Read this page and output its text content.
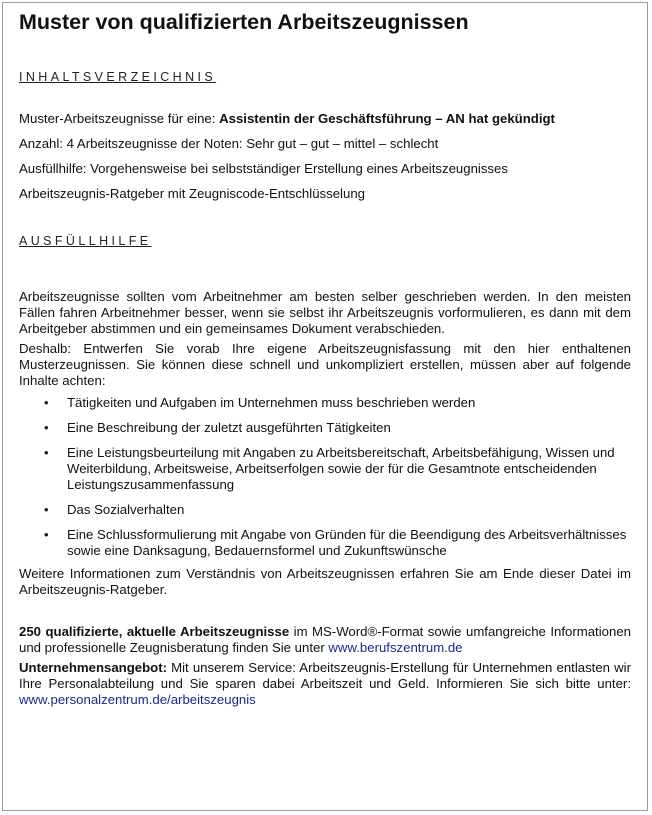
Muster von qualifizierten Arbeitszeugnissen

INHALTSVERZEICHNIS

Muster-Arbeitszeugnisse für eine: Assistentin der Geschäftsführung – AN hat gekündigt

Anzahl: 4 Arbeitszeugnisse der Noten: Sehr gut – gut – mittel – schlecht

Ausfüllhilfe: Vorgehensweise bei selbstständiger Erstellung eines Arbeitszeugnisses

Arbeitszeugnis-Ratgeber mit Zeugniscode-Entschlüsselung

AUSFÜLLHILFE

Arbeitszeugnisse sollten vom Arbeitnehmer am besten selber geschrieben werden. In den meisten Fällen fahren Arbeitnehmer besser, wenn sie selbst ihr Arbeitszeugnis vorformulieren, es dann mit dem Arbeitgeber abstimmen und ein gemeinsames Dokument verabschieden.

Deshalb: Entwerfen Sie vorab Ihre eigene Arbeitszeugnisfassung mit den hier enthaltenen Musterzeugnissen. Sie können diese schnell und unkompliziert erstellen, müssen aber auf folgende Inhalte achten:

• Tätigkeiten und Aufgaben im Unternehmen muss beschrieben werden
• Eine Beschreibung der zuletzt ausgeführten Tätigkeiten
• Eine Leistungsbeurteilung mit Angaben zu Arbeitsbereitschaft, Arbeitsbefähigung, Wissen und Weiterbildung, Arbeitsweise, Arbeitserfolgen sowie der für die Gesamtnote entscheidenden Leistungszusammenfassung
• Das Sozialverhalten
• Eine Schlussformulierung mit Angabe von Gründen für die Beendigung des Arbeitsverhältnisses sowie eine Danksagung, Bedauernsformel und Zukunftswünsche

Weitere Informationen zum Verständnis von Arbeitszeugnissen erfahren Sie am Ende dieser Datei im Arbeitszeugnis-Ratgeber.

250 qualifizierte, aktuelle Arbeitszeugnisse im MS-Word®-Format sowie umfangreiche Informationen und professionelle Zeugnisberatung finden Sie unter www.berufszentrum.de

Unternehmensangebot: Mit unserem Service: Arbeitszeugnis-Erstellung für Unternehmen entlasten wir Ihre Personalabteilung und Sie sparen dabei Arbeitszeit und Geld. Informieren Sie sich bitte unter: www.personalzentrum.de/arbeitszeugnis
